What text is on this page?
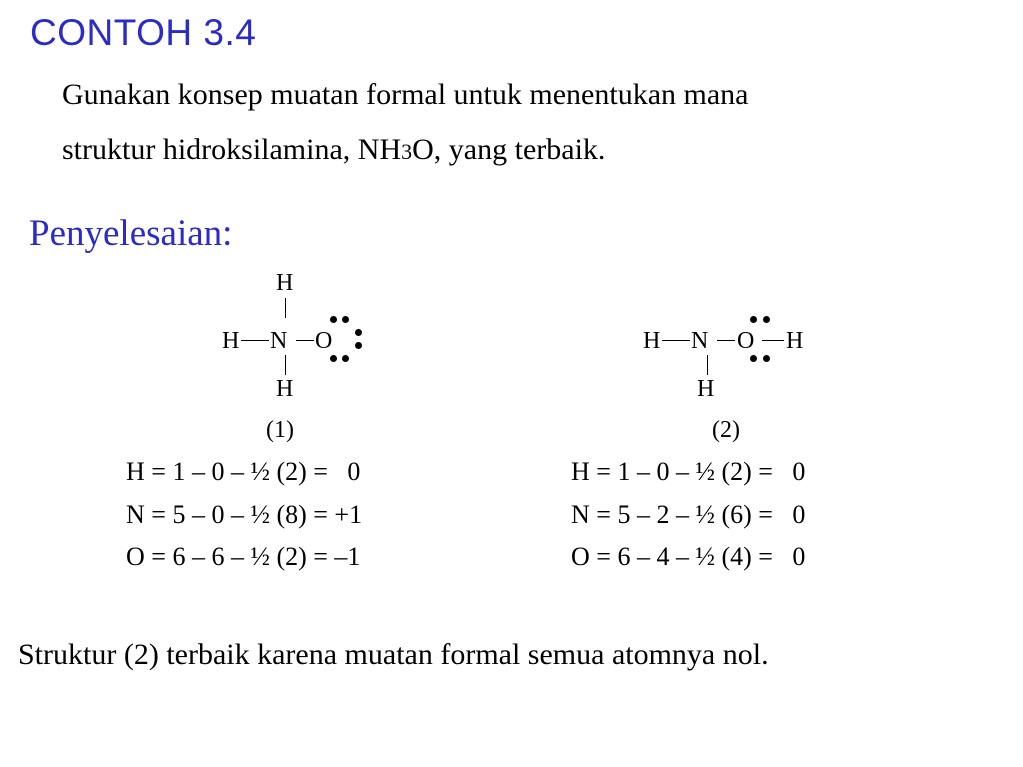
CONTOH 3.4
Gunakan konsep muatan formal untuk menentukan mana
struktur hidroksilamina, NH3O, yang terbaik.
Penyelesaian:
H
H N O
H
(1)
H = 1 – 0 – ½ (2) =   0
N = 5 – 0 – ½ (8) = +1
O = 6 – 6 – ½ (2) = –1
H N O H
H
(2)
H = 1 – 0 – ½ (2) =   0
N = 5 – 2 – ½ (6) =   0
O = 6 – 4 – ½ (4) =   0
Struktur (2) terbaik karena muatan formal semua atomnya nol.
